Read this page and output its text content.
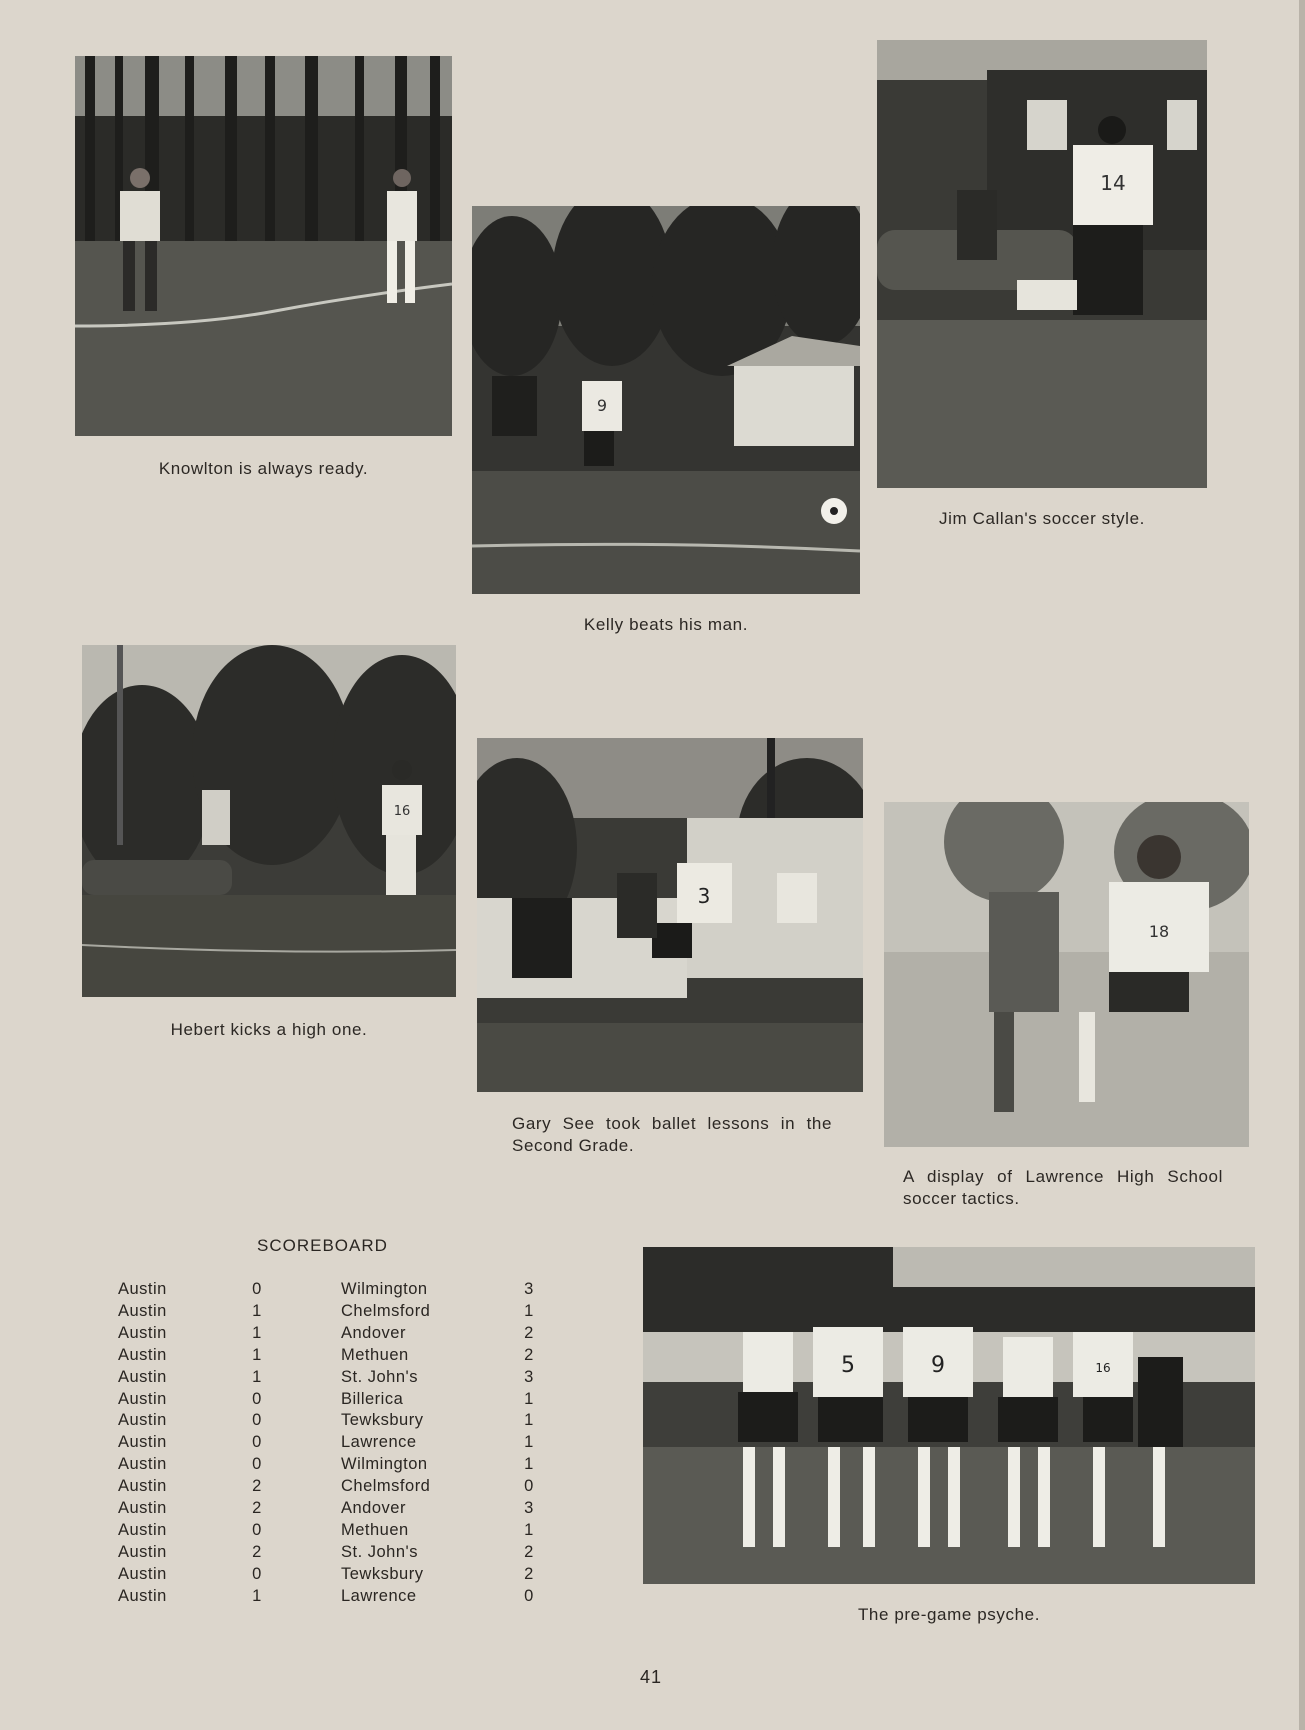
Knowlton is always ready.
9
Kelly beats his man.
14
Jim Callan's soccer style.
16
Hebert kicks a high one.
3
Gary See took ballet lessons in the Second Grade.
18
A display of Lawrence High School soccer tactics.
SCOREBOARD
Austin	0	Wilmington	3
Austin	1	Chelmsford	1
Austin	1	Andover	2
Austin	1	Methuen	2
Austin	1	St. John's	3
Austin	0	Billerica	1
Austin	0	Tewksbury	1
Austin	0	Lawrence	1
Austin	0	Wilmington	1
Austin	2	Chelmsford	0
Austin	2	Andover	3
Austin	0	Methuen	1
Austin	2	St. John's	2
Austin	0	Tewksbury	2
Austin	1	Lawrence	0
5	9	16
The pre-game psyche.
41
